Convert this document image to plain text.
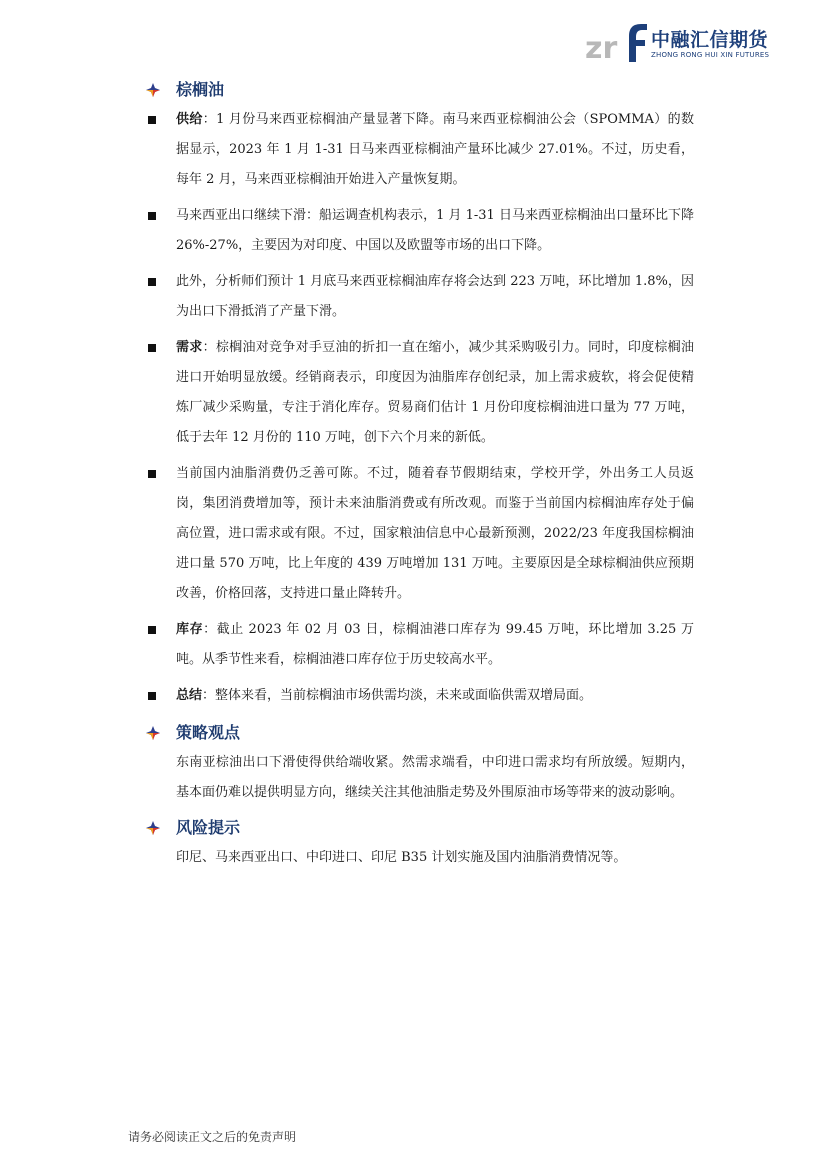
zr 中融汇信期货
ZHONG RONG HUI XIN FUTURES
棕榈油
供给：1 月份马来西亚棕榈油产量显著下降。南马来西亚棕榈油公会（SPOMMA）的数据显示，2023 年 1 月 1-31 日马来西亚棕榈油产量环比减少 27.01%。不过，历史看，每年 2 月，马来西亚棕榈油开始进入产量恢复期。
马来西亚出口继续下滑：船运调查机构表示，1 月 1-31 日马来西亚棕榈油出口量环比下降 26%-27%，主要因为对印度、中国以及欧盟等市场的出口下降。
此外，分析师们预计 1 月底马来西亚棕榈油库存将会达到 223 万吨，环比增加 1.8%，因为出口下滑抵消了产量下滑。
需求：棕榈油对竞争对手豆油的折扣一直在缩小，减少其采购吸引力。同时，印度棕榈油进口开始明显放缓。经销商表示，印度因为油脂库存创纪录，加上需求疲软，将会促使精炼厂减少采购量，专注于消化库存。贸易商们估计 1 月份印度棕榈油进口量为 77 万吨，低于去年 12 月份的 110 万吨，创下六个月来的新低。
当前国内油脂消费仍乏善可陈。不过，随着春节假期结束，学校开学，外出务工人员返岗，集团消费增加等，预计未来油脂消费或有所改观。而鉴于当前国内棕榈油库存处于偏高位置，进口需求或有限。不过，国家粮油信息中心最新预测，2022/23 年度我国棕榈油进口量 570 万吨，比上年度的 439 万吨增加 131 万吨。主要原因是全球棕榈油供应预期改善，价格回落，支持进口量止降转升。
库存：截止 2023 年 02 月 03 日，棕榈油港口库存为 99.45 万吨，环比增加 3.25 万吨。从季节性来看，棕榈油港口库存位于历史较高水平。
总结：整体来看，当前棕榈油市场供需均淡，未来或面临供需双增局面。
策略观点
东南亚棕油出口下滑使得供给端收紧。然需求端看，中印进口需求均有所放缓。短期内，基本面仍难以提供明显方向，继续关注其他油脂走势及外围原油市场等带来的波动影响。
风险提示
印尼、马来西亚出口、中印进口、印尼 B35 计划实施及国内油脂消费情况等。
请务必阅读正文之后的免责声明
